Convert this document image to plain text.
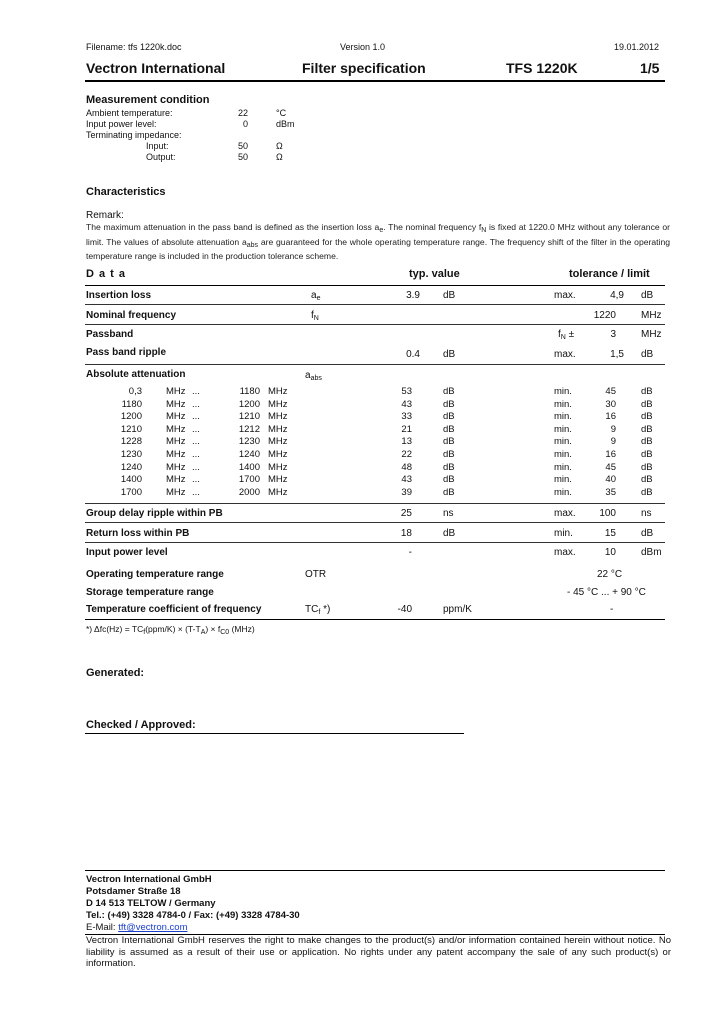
Filename: tfs 1220k.doc	Version 1.0	19.01.2012
Vectron International	Filter specification	TFS 1220K	1/5
Measurement condition
Ambient temperature:	22	°C
Input power level:	0	dBm
Terminating impedance:
Input:	50	Ω
Output:	50	Ω
Characteristics
Remark:
The maximum attenuation in the pass band is defined as the insertion loss $a_e$. The nominal frequency $f_N$ is fixed at 1220.0 MHz without any tolerance or limit. The values of absolute attenuation $a_{abs}$ are guaranteed for the whole operating temperature range. The frequency shift of the filter in the operating temperature range is included in the production tolerance scheme.
D a t a	typ. value	tolerance / limit
Insertion loss	$a_e$	3.9 dB	max.	4,9 dB
Nominal frequency	$f_N$	1220	MHz
Passband	$f_N$ ±	3	MHz
Pass band ripple	0.4 dB	max.	1,5 dB
Absolute attenuation	$a_{abs}$
0,3	MHz ...	1180 MHz	53	dB	min.	45	dB
1180	MHz ...	1200 MHz	43	dB	min.	30	dB
1200	MHz ...	1210 MHz	33	dB	min.	16	dB
1210	MHz ...	1212 MHz	21	dB	min.	9	dB
1228	MHz ...	1230 MHz	13	dB	min.	9	dB
1230	MHz ...	1240 MHz	22	dB	min.	16	dB
1240	MHz ...	1400 MHz	48	dB	min.	45	dB
1400	MHz ...	1700 MHz	43	dB	min.	40	dB
1700	MHz ...	2000 MHz	39	dB	min.	35	dB
Group delay ripple within PB	25	ns	max.	100	ns
Return loss within PB	18	dB	min.	15	dB
Input power level	-	max.	10	dBm
Operating temperature range	OTR	22 °C
Storage temperature range	- 45 °C ... + 90 °C
Temperature coefficient of frequency	$TC_f$ *)	-40	ppm/K	-
*) $\Delta fc(Hz) = TC_f(ppm/K) \times (T-T_A) \times f_{C0}$ (MHz)
Generated:
Checked / Approved:
Vectron International GmbH
Potsdamer Straße 18
D 14 513 TELTOW / Germany
Tel.: (+49) 3328 4784-0 / Fax: (+49) 3328 4784-30
E-Mail: tft@vectron.com
Vectron International GmbH reserves the right to make changes to the product(s) and/or information contained herein without notice. No liability is assumed as a result of their use or application. No rights under any patent accompany the sale of any such product(s) or information.
